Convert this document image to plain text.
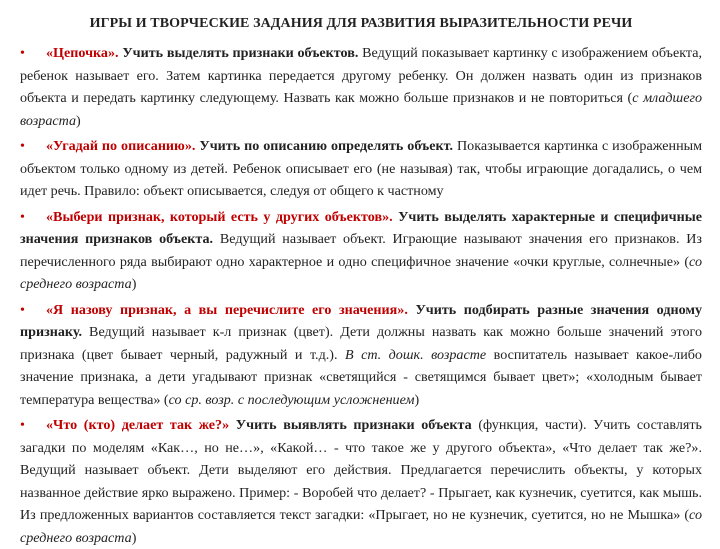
ИГРЫ И ТВОРЧЕСКИЕ ЗАДАНИЯ ДЛЯ РАЗВИТИЯ ВЫРАЗИТЕЛЬНОСТИ РЕЧИ

• «Цепочка». Учить выделять признаки объектов. Ведущий показывает картинку с изображением объекта, ребенок называет его. Затем картинка передается другому ребенку. Он должен назвать один из признаков объекта и передать картинку следующему. Назвать как можно больше признаков и не повториться (с младшего возраста)

• «Угадай по описанию». Учить по описанию определять объект. Показывается картинка с изображенным объектом только одному из детей. Ребенок описывает его (не называя) так, чтобы играющие догадались, о чем идет речь. Правило: объект описывается, следуя от общего к частному

• «Выбери признак, который есть у других объектов». Учить выделять характерные и специфичные значения признаков объекта. Ведущий называет объект. Играющие называют значения его признаков. Из перечисленного ряда выбирают одно характерное и одно специфичное значение «очки круглые, солнечные» (со среднего возраста)

• «Я назову признак, а вы перечислите его значения». Учить подбирать разные значения одному признаку. Ведущий называет к-л признак (цвет). Дети должны назвать как можно больше значений этого признака (цвет бывает черный, радужный и т.д.). В ст. дошк. возрасте воспитатель называет какое-либо значение признака, а дети угадывают признак «светящийся - светящимся бывает цвет»; «холодным бывает температура вещества» (со ср. возр. с последующим усложнением)

• «Что (кто) делает так же?» Учить выявлять признаки объекта (функция, части). Учить составлять загадки по моделям «Как…, но не…», «Какой… - что такое же у другого объекта», «Что делает так же?». Ведущий называет объект. Дети выделяют его действия. Предлагается перечислить объекты, у которых названное действие ярко выражено. Пример: - Воробей что делает? - Прыгает, как кузнечик, суетится, как мышь. Из предложенных вариантов составляется текст загадки: «Прыгает, но не кузнечик, суетится, но не Мышка» (со среднего возраста)
